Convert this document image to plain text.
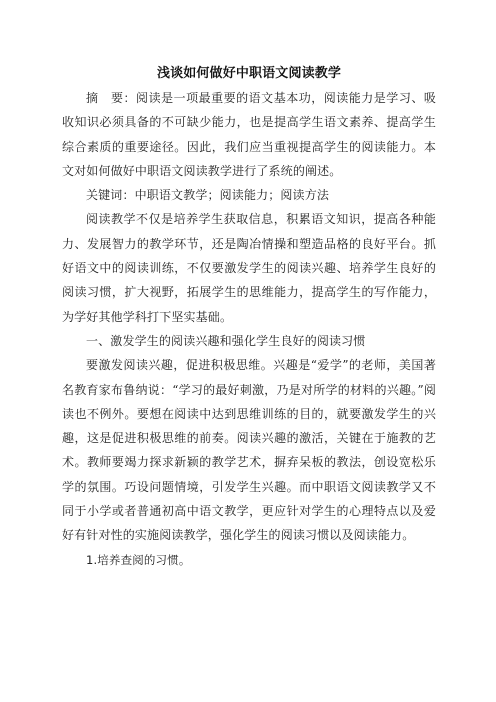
浅谈如何做好中职语文阅读教学

摘　要：阅读是一项最重要的语文基本功，阅读能力是学习、吸收知识必须具备的不可缺少能力，也是提高学生语文素养、提高学生综合素质的重要途径。因此，我们应当重视提高学生的阅读能力。本文对如何做好中职语文阅读教学进行了系统的阐述。

关键词：中职语文教学；阅读能力；阅读方法

阅读教学不仅是培养学生获取信息，积累语文知识，提高各种能力、发展智力的教学环节，还是陶冶情操和塑造品格的良好平台。抓好语文中的阅读训练，不仅要激发学生的阅读兴趣、培养学生良好的阅读习惯，扩大视野，拓展学生的思维能力，提高学生的写作能力，为学好其他学科打下坚实基础。

一、激发学生的阅读兴趣和强化学生良好的阅读习惯

要激发阅读兴趣，促进积极思维。兴趣是“爱学”的老师，美国著名教育家布鲁纳说：“学习的最好刺激，乃是对所学的材料的兴趣。”阅读也不例外。要想在阅读中达到思维训练的目的，就要激发学生的兴趣，这是促进积极思维的前奏。阅读兴趣的激活，关键在于施教的艺术。教师要竭力探求新颖的教学艺术，摒弃呆板的教法，创设宽松乐学的氛围。巧设问题情境，引发学生兴趣。而中职语文阅读教学又不同于小学或者普通初高中语文教学，更应针对学生的心理特点以及爱好有针对性的实施阅读教学，强化学生的阅读习惯以及阅读能力。

1.培养查阅的习惯。
